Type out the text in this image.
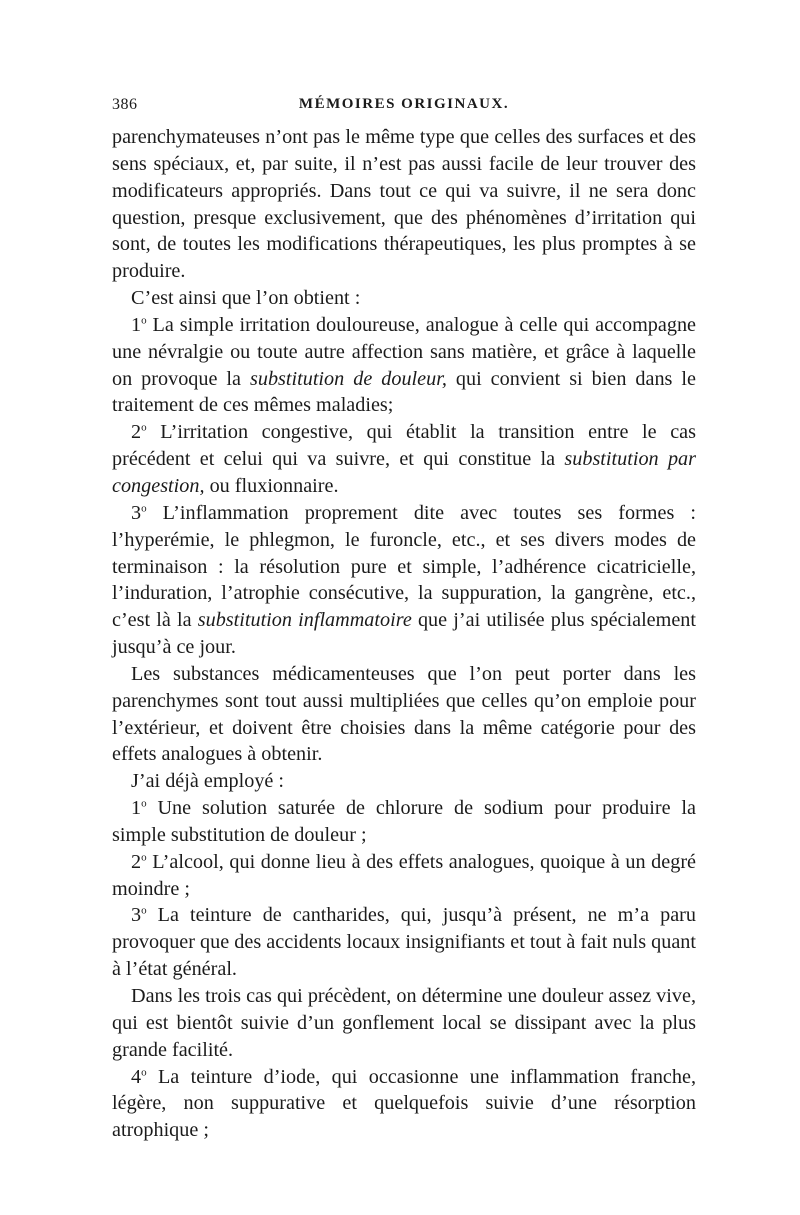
386	MÉMOIRES ORIGINAUX.

parenchymateuses n’ont pas le même type que celles des surfaces et des sens spéciaux, et, par suite, il n’est pas aussi facile de leur trouver des modificateurs appropriés. Dans tout ce qui va suivre, il ne sera donc question, presque exclusivement, que des phénomènes d’irritation qui sont, de toutes les modifications thérapeutiques, les plus promptes à se produire.

C’est ainsi que l’on obtient :

1$^o$ La simple irritation douloureuse, analogue à celle qui accompagne une névralgie ou toute autre affection sans matière, et grâce à laquelle on provoque la substitution de douleur, qui convient si bien dans le traitement de ces mêmes maladies;

2$^o$ L’irritation congestive, qui établit la transition entre le cas précédent et celui qui va suivre, et qui constitue la substitution par congestion, ou fluxionnaire.

3$^o$ L’inflammation proprement dite avec toutes ses formes : l’hyperémie, le phlegmon, le furoncle, etc., et ses divers modes de terminaison : la résolution pure et simple, l’adhérence cicatricielle, l’induration, l’atrophie consécutive, la suppuration, la gangrène, etc., c’est là la substitution inflammatoire que j’ai utilisée plus spécialement jusqu’à ce jour.

Les substances médicamenteuses que l’on peut porter dans les parenchymes sont tout aussi multipliées que celles qu’on emploie pour l’extérieur, et doivent être choisies dans la même catégorie pour des effets analogues à obtenir.

J’ai déjà employé :

1$^o$ Une solution saturée de chlorure de sodium pour produire la simple substitution de douleur ;

2$^o$ L’alcool, qui donne lieu à des effets analogues, quoique à un degré moindre ;

3$^o$ La teinture de cantharides, qui, jusqu’à présent, ne m’a paru provoquer que des accidents locaux insignifiants et tout à fait nuls quant à l’état général.

Dans les trois cas qui précèdent, on détermine une douleur assez vive, qui est bientôt suivie d’un gonflement local se dissipant avec la plus grande facilité.

4$^o$ La teinture d’iode, qui occasionne une inflammation franche, légère, non suppurative et quelquefois suivie d’une résorption atrophique ;
